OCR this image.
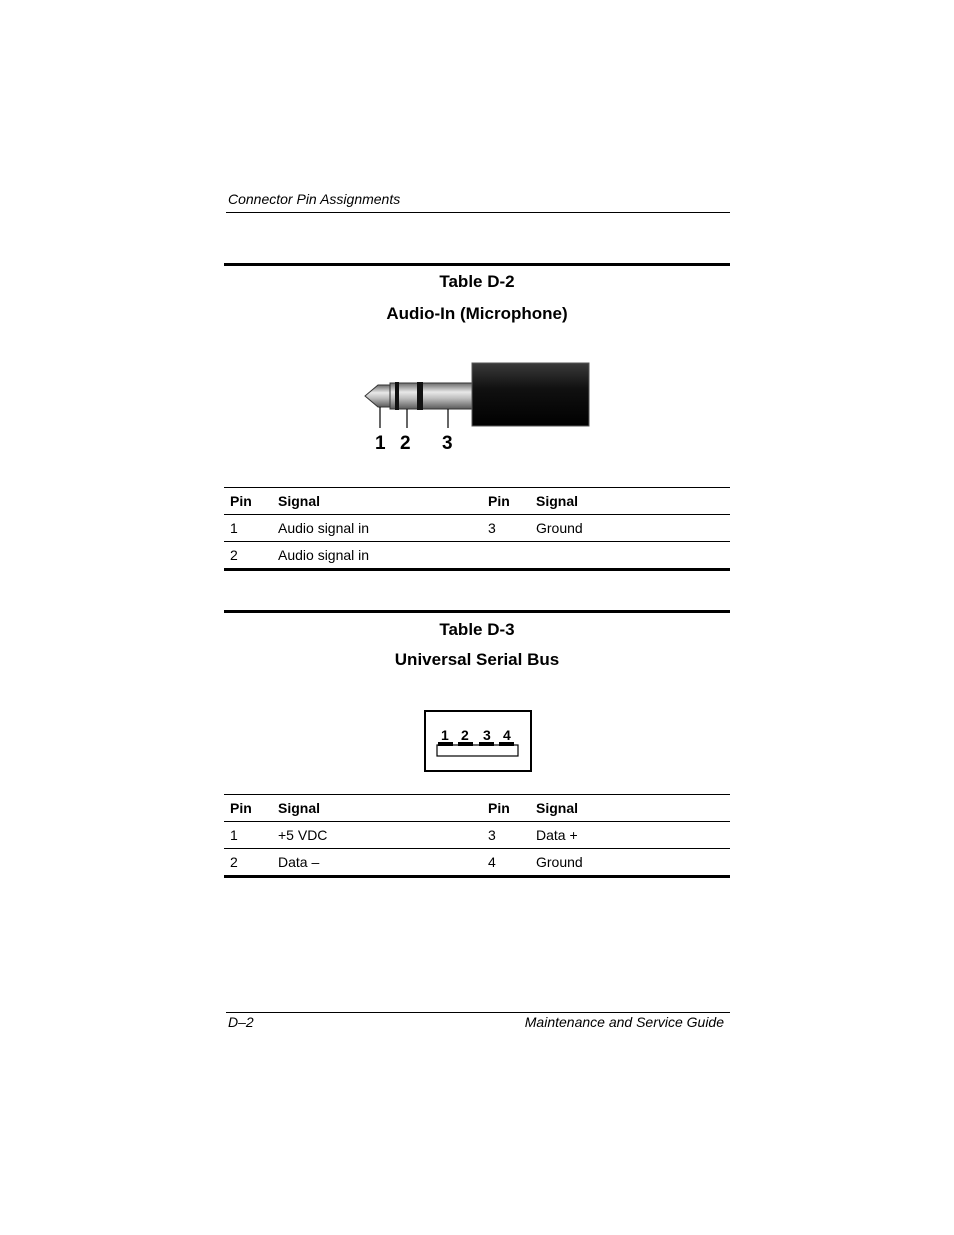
Connector Pin Assignments
Table D-2
Audio-In (Microphone)
1 2 3
Pin	Signal	Pin	Signal
1	Audio signal in	3	Ground
2	Audio signal in		
Table D-3
Universal Serial Bus
1 2 3 4
Pin	Signal	Pin	Signal
1	+5 VDC	3	Data +
2	Data –	4	Ground
D–2	Maintenance and Service Guide
